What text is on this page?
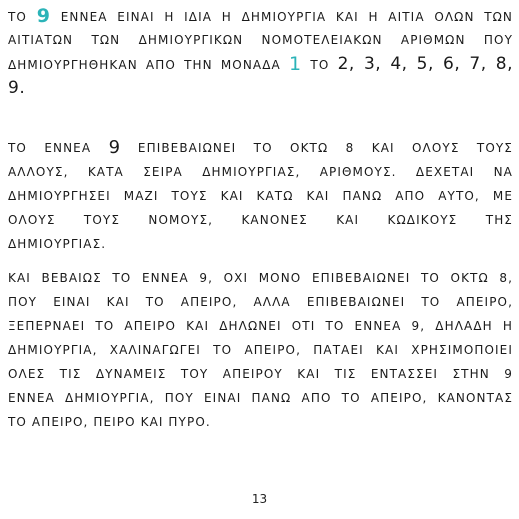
ΤΟ 9 ΕΝΝΕΑ ΕΙΝΑΙ Η ΙΔΙΑ Η ΔΗΜΙΟΥΡΓΙΑ ΚΑΙ Η ΑΙΤΙΑ ΟΛΩΝ ΤΩΝ
ΑΙΤΙΑΤΩΝ ΤΩΝ ΔΗΜΙΟΥΡΓΙΚΩΝ ΝΟΜΟΤΕΛΕΙΑΚΩΝ ΑΡΙΘΜΩΝ ΠΟΥ
ΔΗΜΙΟΥΡΓΗΘΗΚΑΝ ΑΠΟ ΤΗΝ ΜΟΝΑΔΑ 1 ΤΟ 2, 3, 4, 5, 6, 7, 8,
9.
ΤΟ ΕΝΝΕΑ 9 ΕΠΙΒΕΒΑΙΩΝΕΙ ΤΟ ΟΚΤΩ 8 ΚΑΙ ΟΛΟΥΣ ΤΟΥΣ
ΑΛΛΟΥΣ, ΚΑΤΑ ΣΕΙΡΑ ΔΗΜΙΟΥΡΓΙΑΣ, ΑΡΙΘΜΟΥΣ. ΔΕΧΕΤΑΙ ΝΑ
ΔΗΜΙΟΥΡΓΗΣΕΙ ΜΑΖΙ ΤΟΥΣ ΚΑΙ ΚΑΤΩ ΚΑΙ ΠΑΝΩ ΑΠΟ ΑΥΤΟ, ΜΕ
ΟΛΟΥΣ ΤΟΥΣ ΝΟΜΟΥΣ, ΚΑΝΟΝΕΣ ΚΑΙ ΚΩΔΙΚΟΥΣ ΤΗΣ
ΔΗΜΙΟΥΡΓΙΑΣ.
ΚΑΙ ΒΕΒΑΙΩΣ ΤΟ ΕΝΝΕΑ 9, ΟΧΙ ΜΟΝΟ ΕΠΙΒΕΒΑΙΩΝΕΙ ΤΟ ΟΚΤΩ 8,
ΠΟΥ ΕΙΝΑΙ ΚΑΙ ΤΟ ΑΠΕΙΡΟ, ΑΛΛΑ ΕΠΙΒΕΒΑΙΩΝΕΙ ΤΟ ΑΠΕΙΡΟ,
ΞΕΠΕΡΝΑΕΙ ΤΟ ΑΠΕΙΡΟ ΚΑΙ ΔΗΛΩΝΕΙ ΟΤΙ ΤΟ ΕΝΝΕΑ 9, ΔΗΛΑΔΗ Η
ΔΗΜΙΟΥΡΓΙΑ, ΧΑΛΙΝΑΓΩΓΕΙ ΤΟ ΑΠΕΙΡΟ, ΠΑΤΑΕΙ ΚΑΙ ΧΡΗΣΙΜΟΠΟΙΕΙ
ΟΛΕΣ ΤΙΣ ΔΥΝΑΜΕΙΣ ΤΟΥ ΑΠΕΙΡΟΥ ΚΑΙ ΤΙΣ ΕΝΤΑΣΣΕΙ ΣΤΗΝ 9
ΕΝΝΕΑ ΔΗΜΙΟΥΡΓΙΑ, ΠΟΥ ΕΙΝΑΙ ΠΑΝΩ ΑΠΟ ΤΟ ΑΠΕΙΡΟ, ΚΑΝΟΝΤΑΣ
ΤΟ ΑΠΕΙΡΟ, ΠΕΙΡΟ ΚΑΙ ΠΥΡΟ.
13
